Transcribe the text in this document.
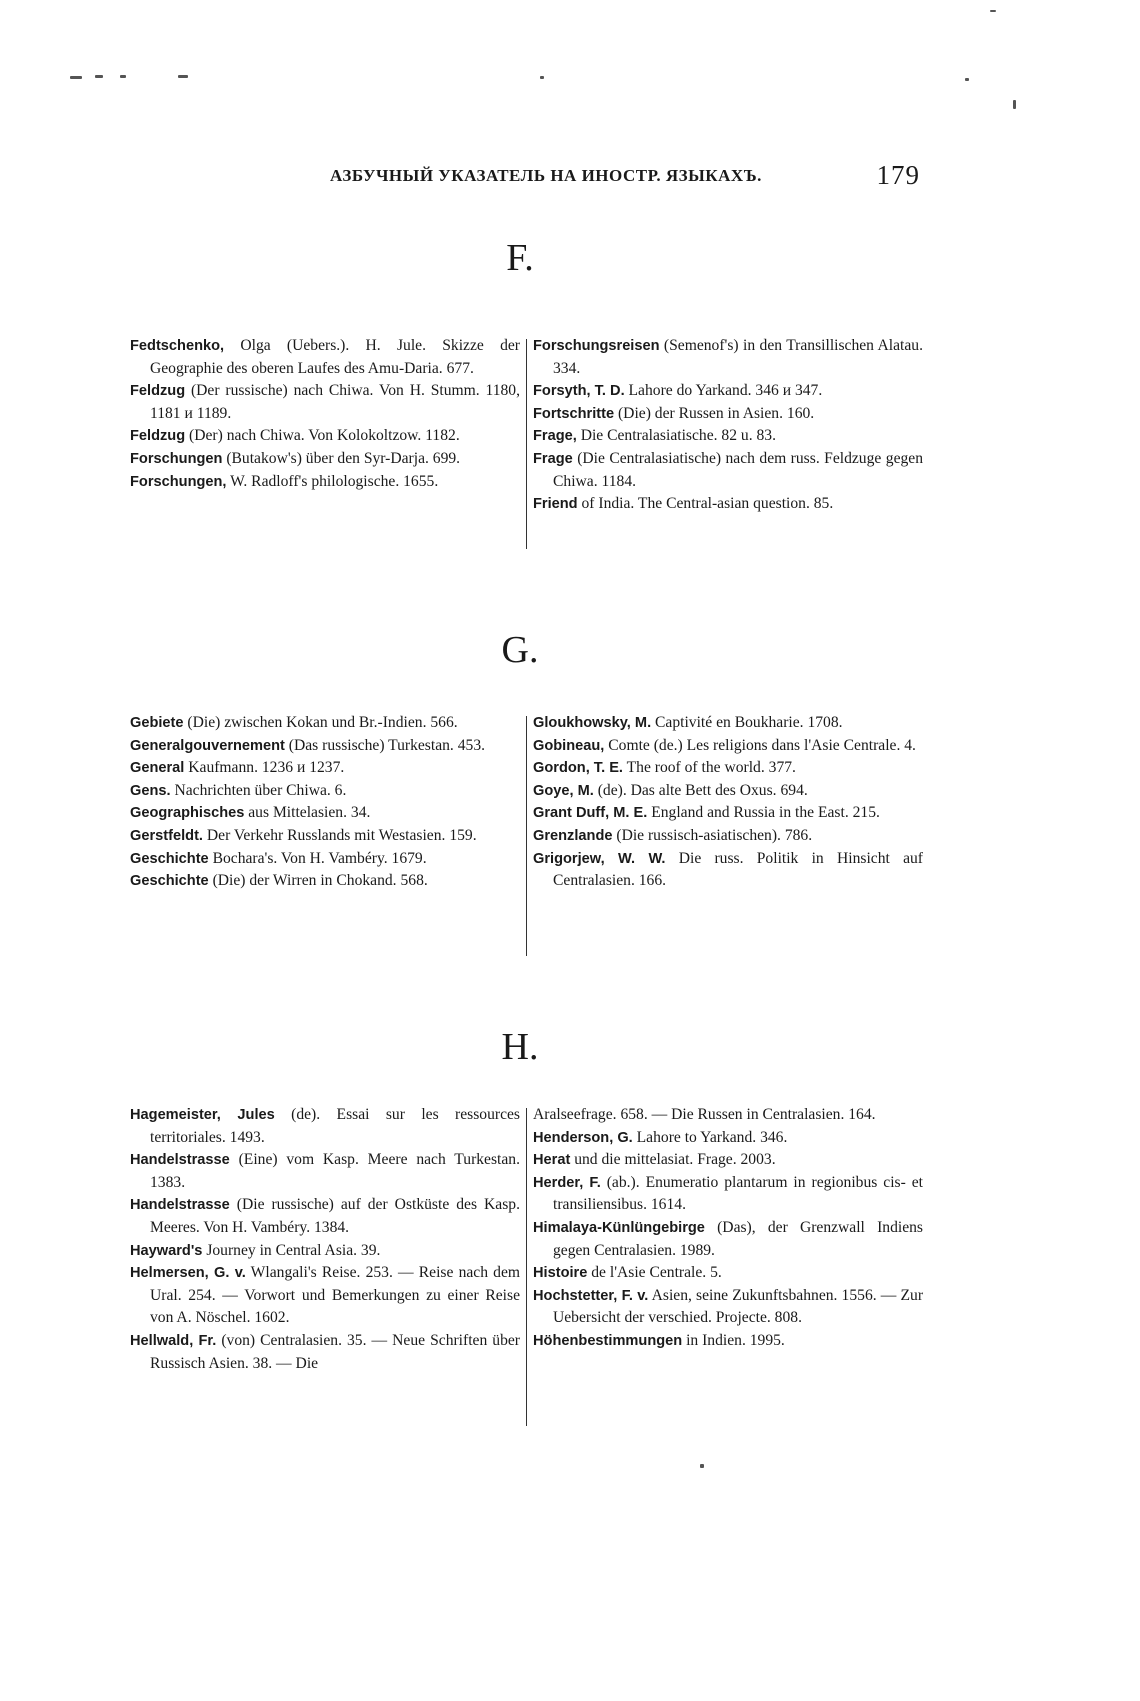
АЗБУЧНЫЙ УКАЗАТЕЛЬ НА ИНОСТР. ЯЗЫКАХЪ.	179
F.
Fedtschenko, Olga (Uebers.). H. Jule. Skizze der Geographie des oberen Laufes des Amu-Daria. 677.
Feldzug (Der russische) nach Chiwa. Von H. Stumm. 1180, 1181 и 1189.
Feldzug (Der) nach Chiwa. Von Kolokoltzow. 1182.
Forschungen (Butakow's) über den Syr-Darja. 699.
Forschungen, W. Radloff's philologische. 1655.
Forschungsreisen (Semenof's) in den Transillischen Alatau. 334.
Forsyth, T. D. Lahore do Yarkand. 346 и 347.
Fortschritte (Die) der Russen in Asien. 160.
Frage, Die Centralasiatische. 82 u. 83.
Frage (Die Centralasiatische) nach dem russ. Feldzuge gegen Chiwa. 1184.
Friend of India. The Central-asian question. 85.
G.
Gebiete (Die) zwischen Kokan und Br.-Indien. 566.
Generalgouvernement (Das russische) Turkestan. 453.
General Kaufmann. 1236 и 1237.
Gens. Nachrichten über Chiwa. 6.
Geographisches aus Mittelasien. 34.
Gerstfeldt. Der Verkehr Russlands mit Westasien. 159.
Geschichte Bochara's. Von H. Vambéry. 1679.
Geschichte (Die) der Wirren in Chokand. 568.
Gloukhowsky, M. Captivité en Boukharie. 1708.
Gobineau, Comte (de.) Les religions dans l'Asie Centrale. 4.
Gordon, T. E. The roof of the world. 377.
Goye, M. (de). Das alte Bett des Oxus. 694.
Grant Duff, M. E. England and Russia in the East. 215.
Grenzlande (Die russisch-asiatischen). 786.
Grigorjew, W. W. Die russ. Politik in Hinsicht auf Centralasien. 166.
H.
Hagemeister, Jules (de). Essai sur les ressources territoriales. 1493.
Handelstrasse (Eine) vom Kasp. Meere nach Turkestan. 1383.
Handelstrasse (Die russische) auf der Ostküste des Kasp. Meeres. Von H. Vambéry. 1384.
Hayward's Journey in Central Asia. 39.
Helmersen, G. v. Wlangali's Reise. 253. — Reise nach dem Ural. 254. — Vorwort und Bemerkungen zu einer Reise von A. Nöschel. 1602.
Hellwald, Fr. (von) Centralasien. 35. — Neue Schriften über Russisch Asien. 38. — Die
Aralseefrage. 658. — Die Russen in Centralasien. 164.
Henderson, G. Lahore to Yarkand. 346.
Herat und die mittelasiat. Frage. 2003.
Herder, F. (ab.). Enumeratio plantarum in regionibus cis- et transiliensibus. 1614.
Himalaya-Künlüngebirge (Das), der Grenzwall Indiens gegen Centralasien. 1989.
Histoire de l'Asie Centrale. 5.
Hochstetter, F. v. Asien, seine Zukunftsbahnen. 1556. — Zur Uebersicht der verschied. Projecte. 808.
Höhenbestimmungen in Indien. 1995.
